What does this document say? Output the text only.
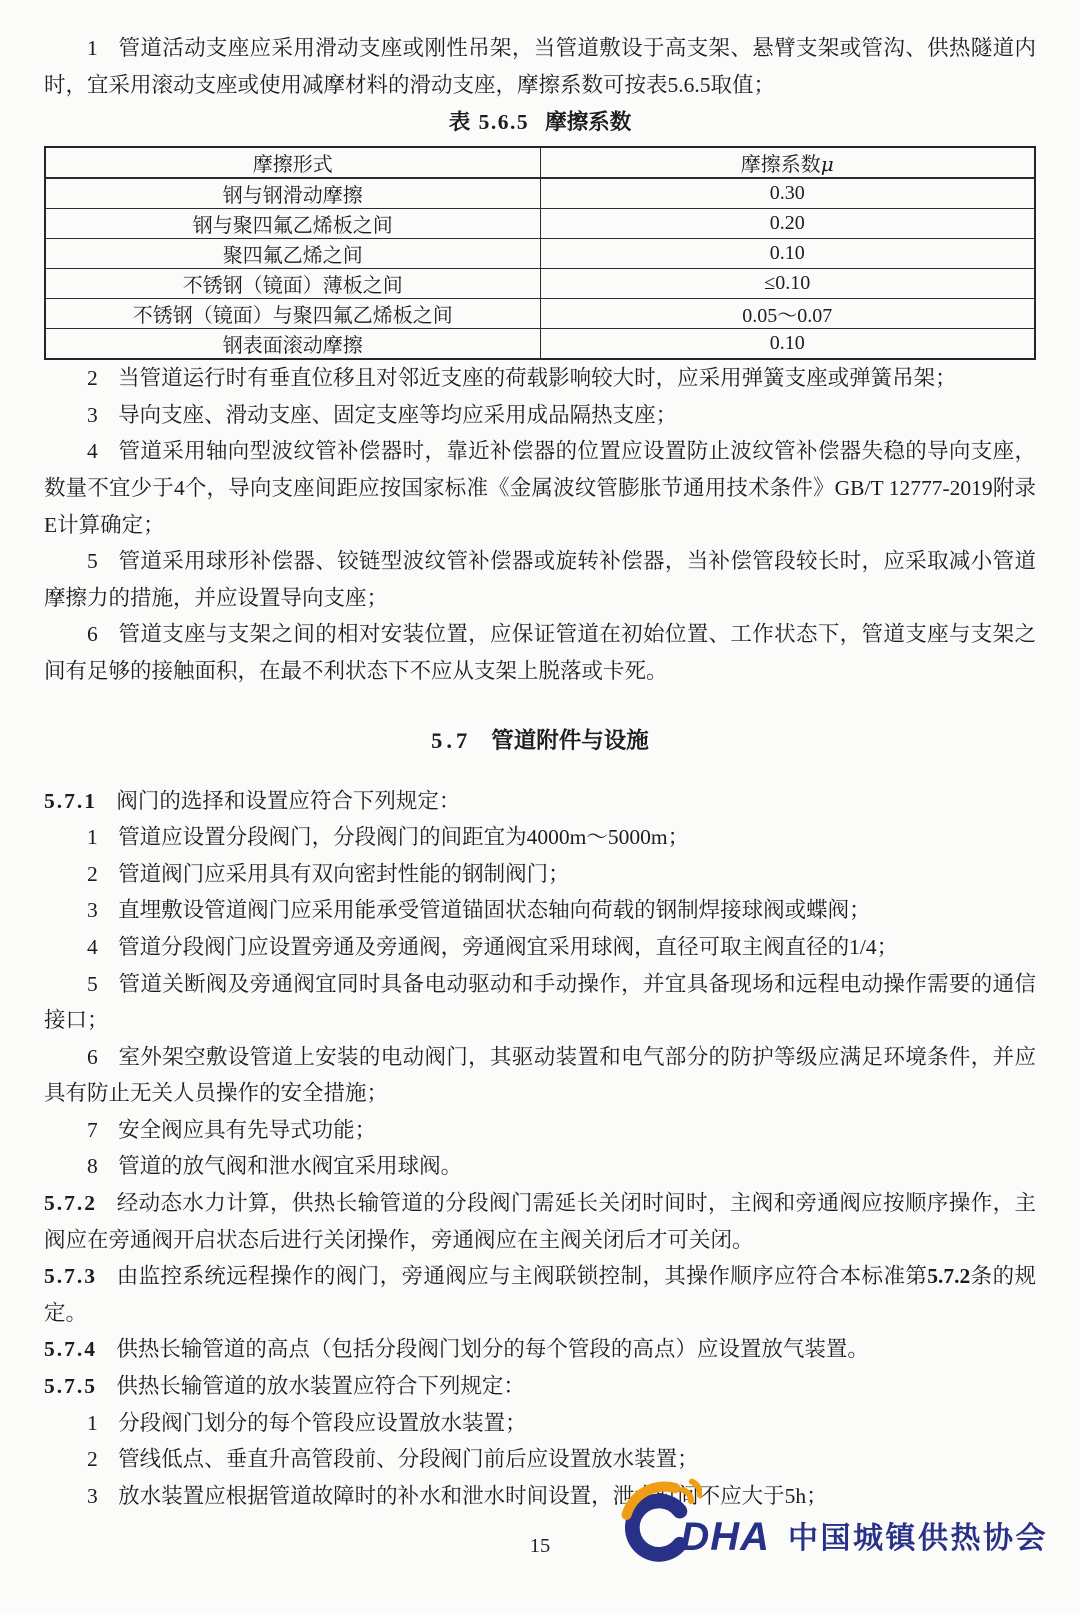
1 管道活动支座应采用滑动支座或刚性吊架，当管道敷设于高支架、悬臂支架或管沟、供热隧道内时，宜采用滚动支座或使用减摩材料的滑动支座，摩擦系数可按表5.6.5取值；

表 5.6.5 摩擦系数
摩擦形式	摩擦系数μ
钢与钢滑动摩擦	0.30
钢与聚四氟乙烯板之间	0.20
聚四氟乙烯之间	0.10
不锈钢（镜面）薄板之间	≤0.10
不锈钢（镜面）与聚四氟乙烯板之间	0.05～0.07
钢表面滚动摩擦	0.10

2 当管道运行时有垂直位移且对邻近支座的荷载影响较大时，应采用弹簧支座或弹簧吊架；

3 导向支座、滑动支座、固定支座等均应采用成品隔热支座；

4 管道采用轴向型波纹管补偿器时，靠近补偿器的位置应设置防止波纹管补偿器失稳的导向支座，数量不宜少于4个，导向支座间距应按国家标准《金属波纹管膨胀节通用技术条件》GB/T 12777-2019附录E计算确定；

5 管道采用球形补偿器、铰链型波纹管补偿器或旋转补偿器，当补偿管段较长时，应采取减小管道摩擦力的措施，并应设置导向支座；

6 管道支座与支架之间的相对安装位置，应保证管道在初始位置、工作状态下，管道支座与支架之间有足够的接触面积，在最不利状态下不应从支架上脱落或卡死。

5.7 管道附件与设施

5.7.1 阀门的选择和设置应符合下列规定：

1 管道应设置分段阀门，分段阀门的间距宜为4000m～5000m；

2 管道阀门应采用具有双向密封性能的钢制阀门；

3 直埋敷设管道阀门应采用能承受管道锚固状态轴向荷载的钢制焊接球阀或蝶阀；

4 管道分段阀门应设置旁通及旁通阀，旁通阀宜采用球阀，直径可取主阀直径的1/4；

5 管道关断阀及旁通阀宜同时具备电动驱动和手动操作，并宜具备现场和远程电动操作需要的通信接口；

6 室外架空敷设管道上安装的电动阀门，其驱动装置和电气部分的防护等级应满足环境条件，并应具有防止无关人员操作的安全措施；

7 安全阀应具有先导式功能；

8 管道的放气阀和泄水阀宜采用球阀。

5.7.2 经动态水力计算，供热长输管道的分段阀门需延长关闭时间时，主阀和旁通阀应按顺序操作，主阀应在旁通阀开启状态后进行关闭操作，旁通阀应在主阀关闭后才可关闭。

5.7.3 由监控系统远程操作的阀门，旁通阀应与主阀联锁控制，其操作顺序应符合本标准第5.7.2条的规定。

5.7.4 供热长输管道的高点（包括分段阀门划分的每个管段的高点）应设置放气装置。

5.7.5 供热长输管道的放水装置应符合下列规定：

1 分段阀门划分的每个管段应设置放水装置；

2 管线低点、垂直升高管段前、分段阀门前后应设置放水装置；

3 放水装置应根据管道故障时的补水和泄水时间设置，泄水时间不应大于5h；

15	DHA 中国城镇供热协会
